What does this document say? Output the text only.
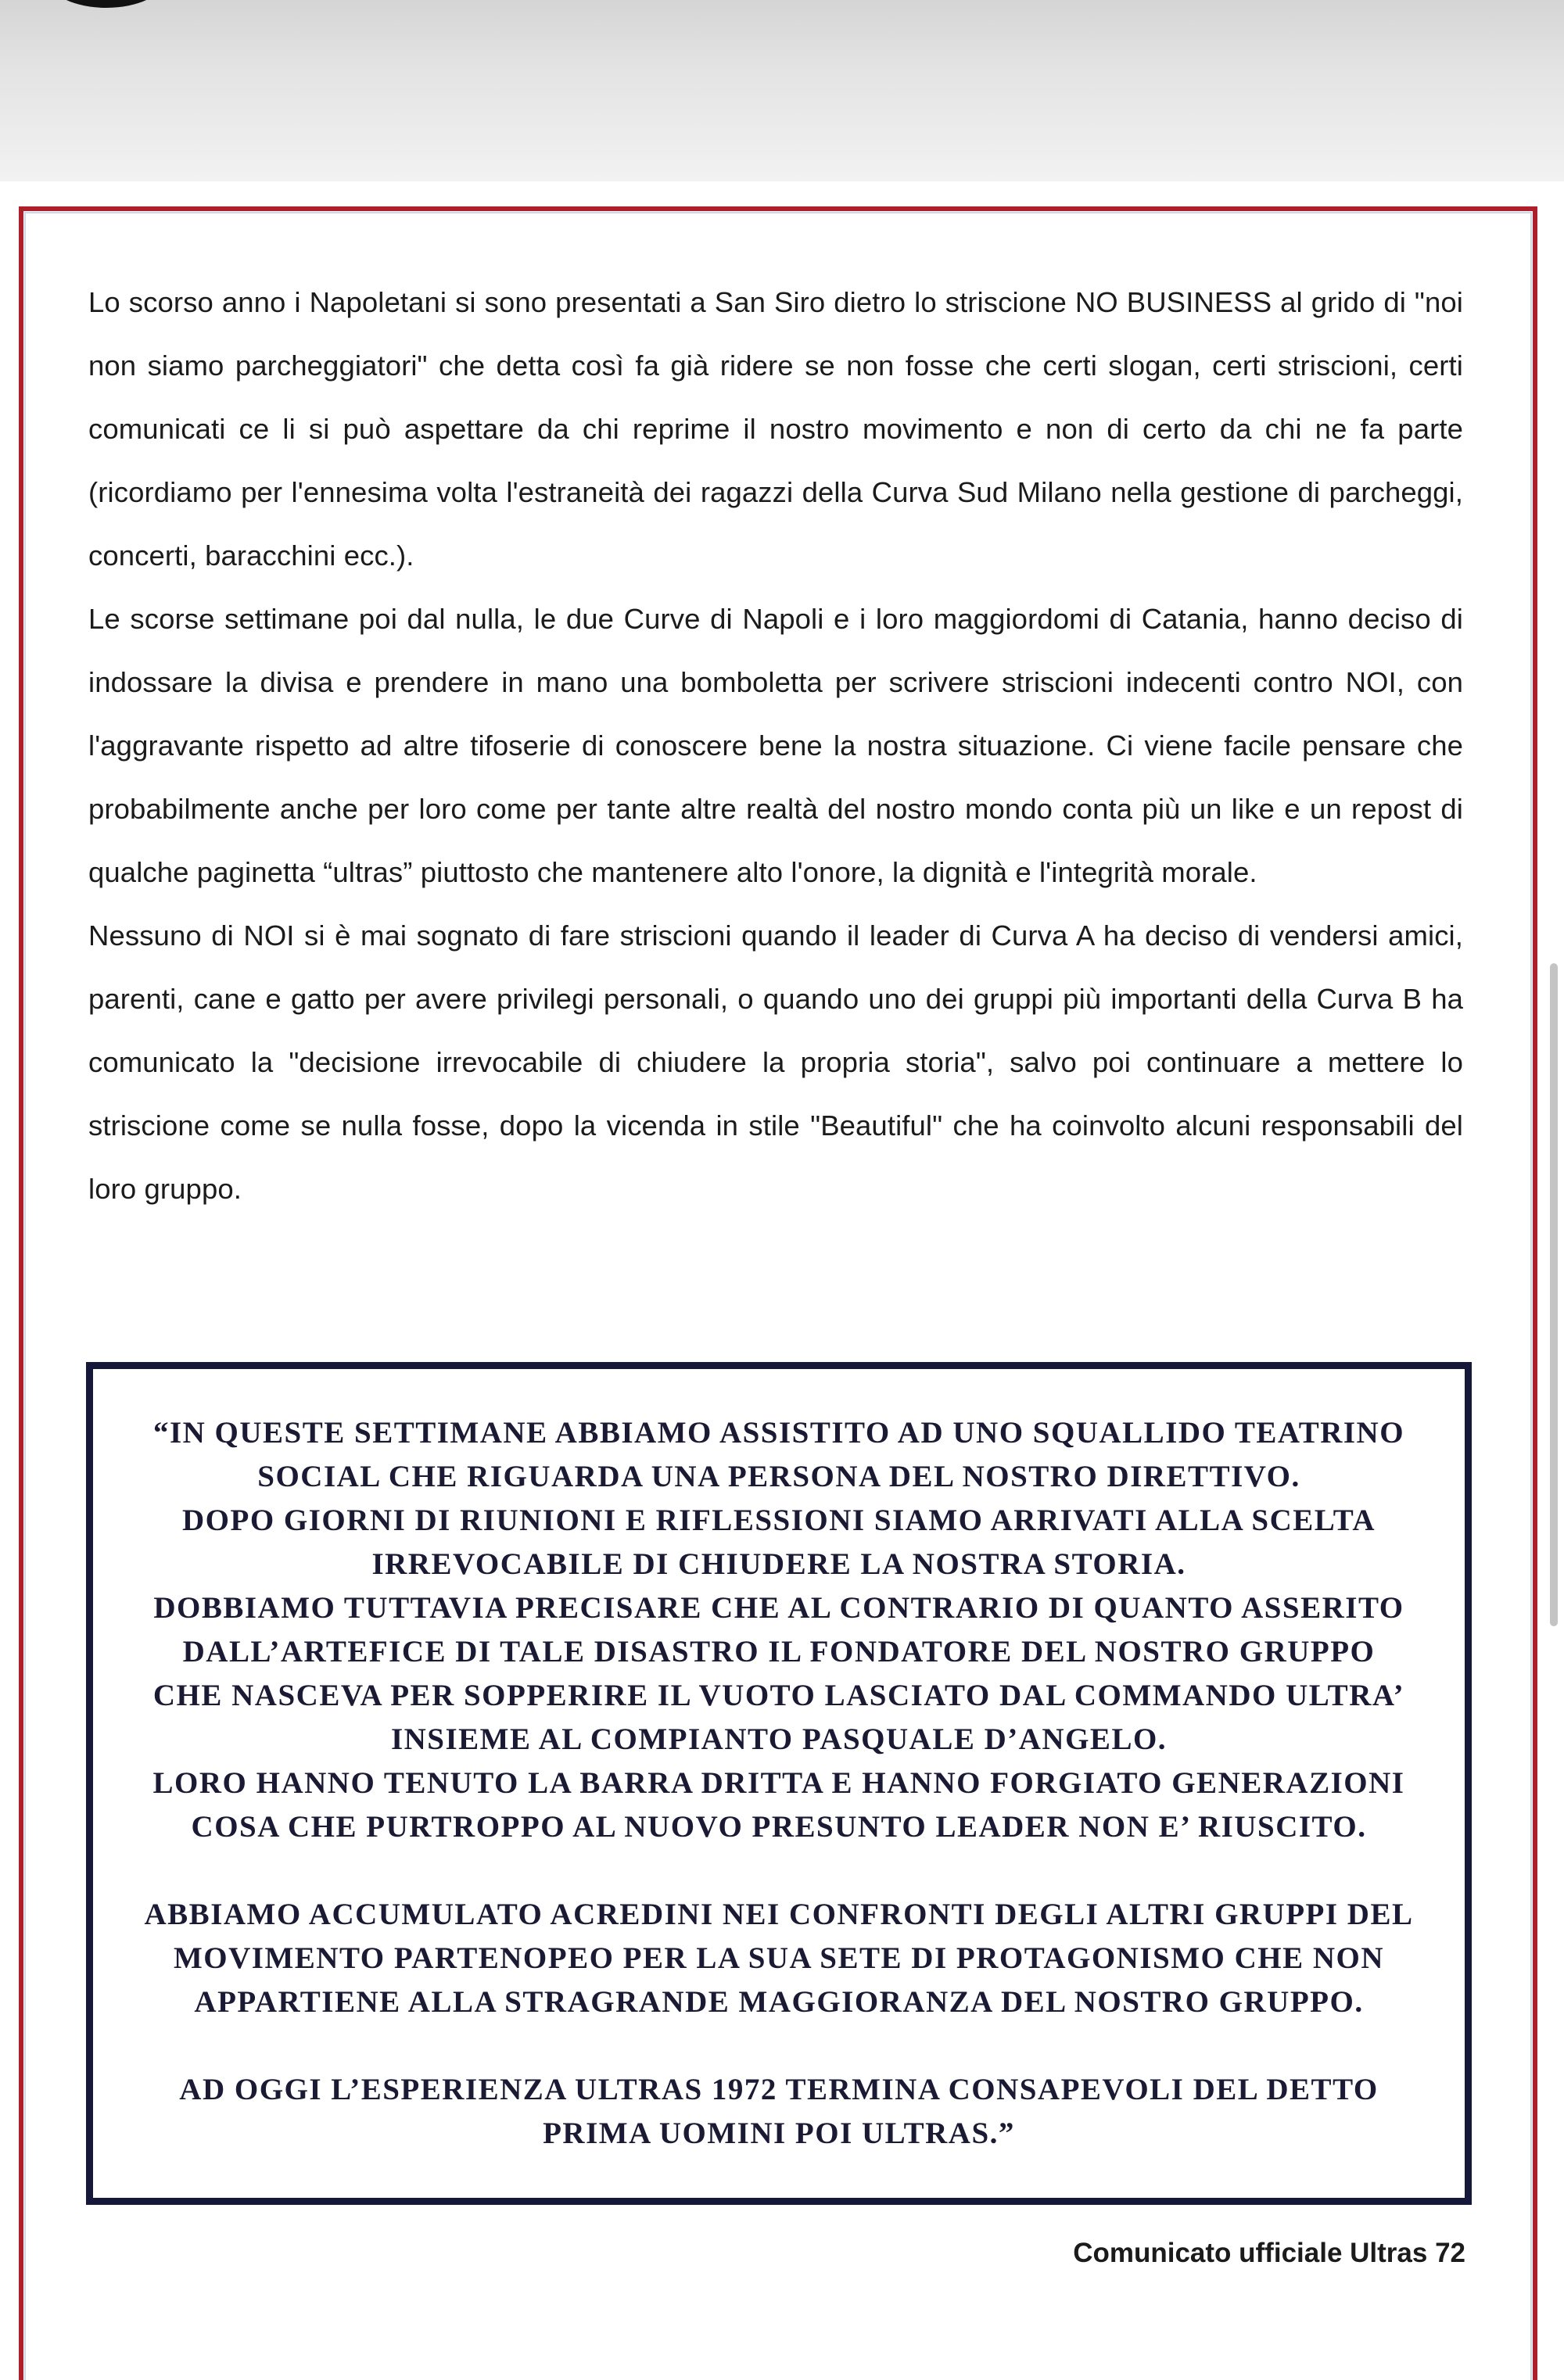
Lo scorso anno i Napoletani si sono presentati a San Siro dietro lo striscione NO BUSINESS al grido di "noi non siamo parcheggiatori" che detta così fa già ridere se non fosse che certi slogan, certi striscioni, certi comunicati ce li si può aspettare da chi reprime il nostro movimento e non di certo da chi ne fa parte (ricordiamo per l'ennesima volta l'estraneità dei ragazzi della Curva Sud Milano nella gestione di parcheggi, concerti, baracchini ecc.).

Le scorse settimane poi dal nulla, le due Curve di Napoli e i loro maggiordomi di Catania, hanno deciso di indossare la divisa e prendere in mano una bomboletta per scrivere striscioni indecenti contro NOI, con l'aggravante rispetto ad altre tifoserie di conoscere bene la nostra situazione. Ci viene facile pensare che probabilmente anche per loro come per tante altre realtà del nostro mondo conta più un like e un repost di qualche paginetta “ultras” piuttosto che mantenere alto l'onore, la dignità e l'integrità morale.

Nessuno di NOI si è mai sognato di fare striscioni quando il leader di Curva A ha deciso di vendersi amici, parenti, cane e gatto per avere privilegi personali, o quando uno dei gruppi più importanti della Curva B ha comunicato la "decisione irrevocabile di chiudere la propria storia", salvo poi continuare a mettere lo striscione come se nulla fosse, dopo la vicenda in stile "Beautiful" che ha coinvolto alcuni responsabili del loro gruppo.

“IN QUESTE SETTIMANE ABBIAMO ASSISTITO AD UNO SQUALLIDO TEATRINO

SOCIAL CHE RIGUARDA UNA PERSONA DEL NOSTRO DIRETTIVO.

DOPO GIORNI DI RIUNIONI E RIFLESSIONI SIAMO ARRIVATI ALLA SCELTA

IRREVOCABILE DI CHIUDERE LA NOSTRA STORIA.

DOBBIAMO TUTTAVIA PRECISARE CHE AL CONTRARIO DI QUANTO ASSERITO

DALL’ARTEFICE DI TALE DISASTRO IL FONDATORE DEL NOSTRO GRUPPO

CHE NASCEVA PER SOPPERIRE IL VUOTO LASCIATO DAL COMMANDO ULTRA’

INSIEME AL COMPIANTO PASQUALE D’ANGELO.

LORO HANNO TENUTO LA BARRA DRITTA E HANNO FORGIATO GENERAZIONI

COSA CHE PURTROPPO AL NUOVO PRESUNTO LEADER NON E’ RIUSCITO.

ABBIAMO ACCUMULATO ACREDINI NEI CONFRONTI DEGLI ALTRI GRUPPI DEL

MOVIMENTO PARTENOPEO PER LA SUA SETE DI PROTAGONISMO CHE NON

APPARTIENE ALLA STRAGRANDE MAGGIORANZA DEL NOSTRO GRUPPO.

AD OGGI L’ESPERIENZA ULTRAS 1972 TERMINA CONSAPEVOLI DEL DETTO

PRIMA UOMINI POI ULTRAS.”

Comunicato ufficiale Ultras 72
